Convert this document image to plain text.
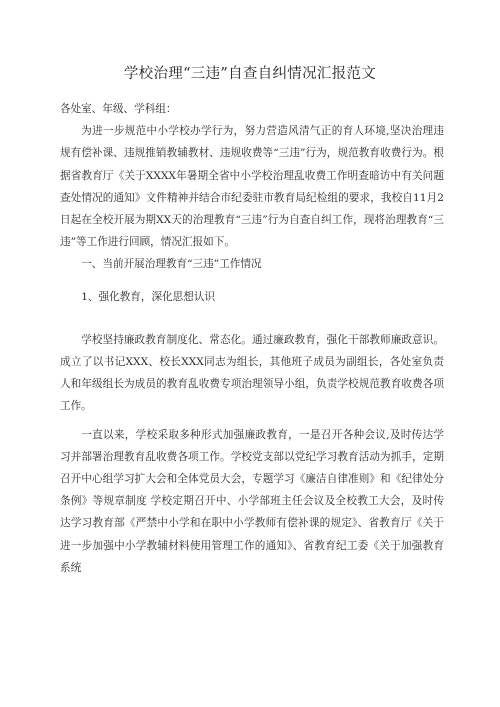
学校治理“三违”自查自纠情况汇报范文

各处室、年级、学科组：

为进一步规范中小学校办学行为，努力营造风清气正的育人环境,坚决治理违规有偿补课、违规推销教辅教材、违规收费等“三违”行为，规范教育收费行为。根据省教育厅《关于XXXX年暑期全省中小学校治理乱收费工作明查暗访中有关问题查处情况的通知》文件精神并结合市纪委驻市教育局纪检组的要求，我校自11月2日起在全校开展为期XX天的治理教育“三违”行为自查自纠工作，现将治理教育“三违”等工作进行回顾，情况汇报如下。

一、当前开展治理教育“三违”工作情况

1、强化教育，深化思想认识

学校坚持廉政教育制度化、常态化。通过廉政教育，强化干部教师廉政意识。成立了以书记XXX、校长XXX同志为组长，其他班子成员为副组长，各处室负责人和年级组长为成员的教育乱收费专项治理领导小组，负责学校规范教育收费各项工作。

一直以来，学校采取多种形式加强廉政教育，一是召开各种会议,及时传达学习并部署治理教育乱收费各项工作。学校党支部以党纪学习教育活动为抓手，定期召开中心组学习扩大会和全体党员大会，专题学习《廉洁自律准则》和《纪律处分条例》等规章制度 学校定期召开中、小学部班主任会议及全校教工大会，及时传达学习教育部《严禁中小学和在职中小学教师有偿补课的规定》、省教育厅《关于进一步加强中小学教辅材料使用管理工作的通知》、省教育纪工委《关于加强教育系统
